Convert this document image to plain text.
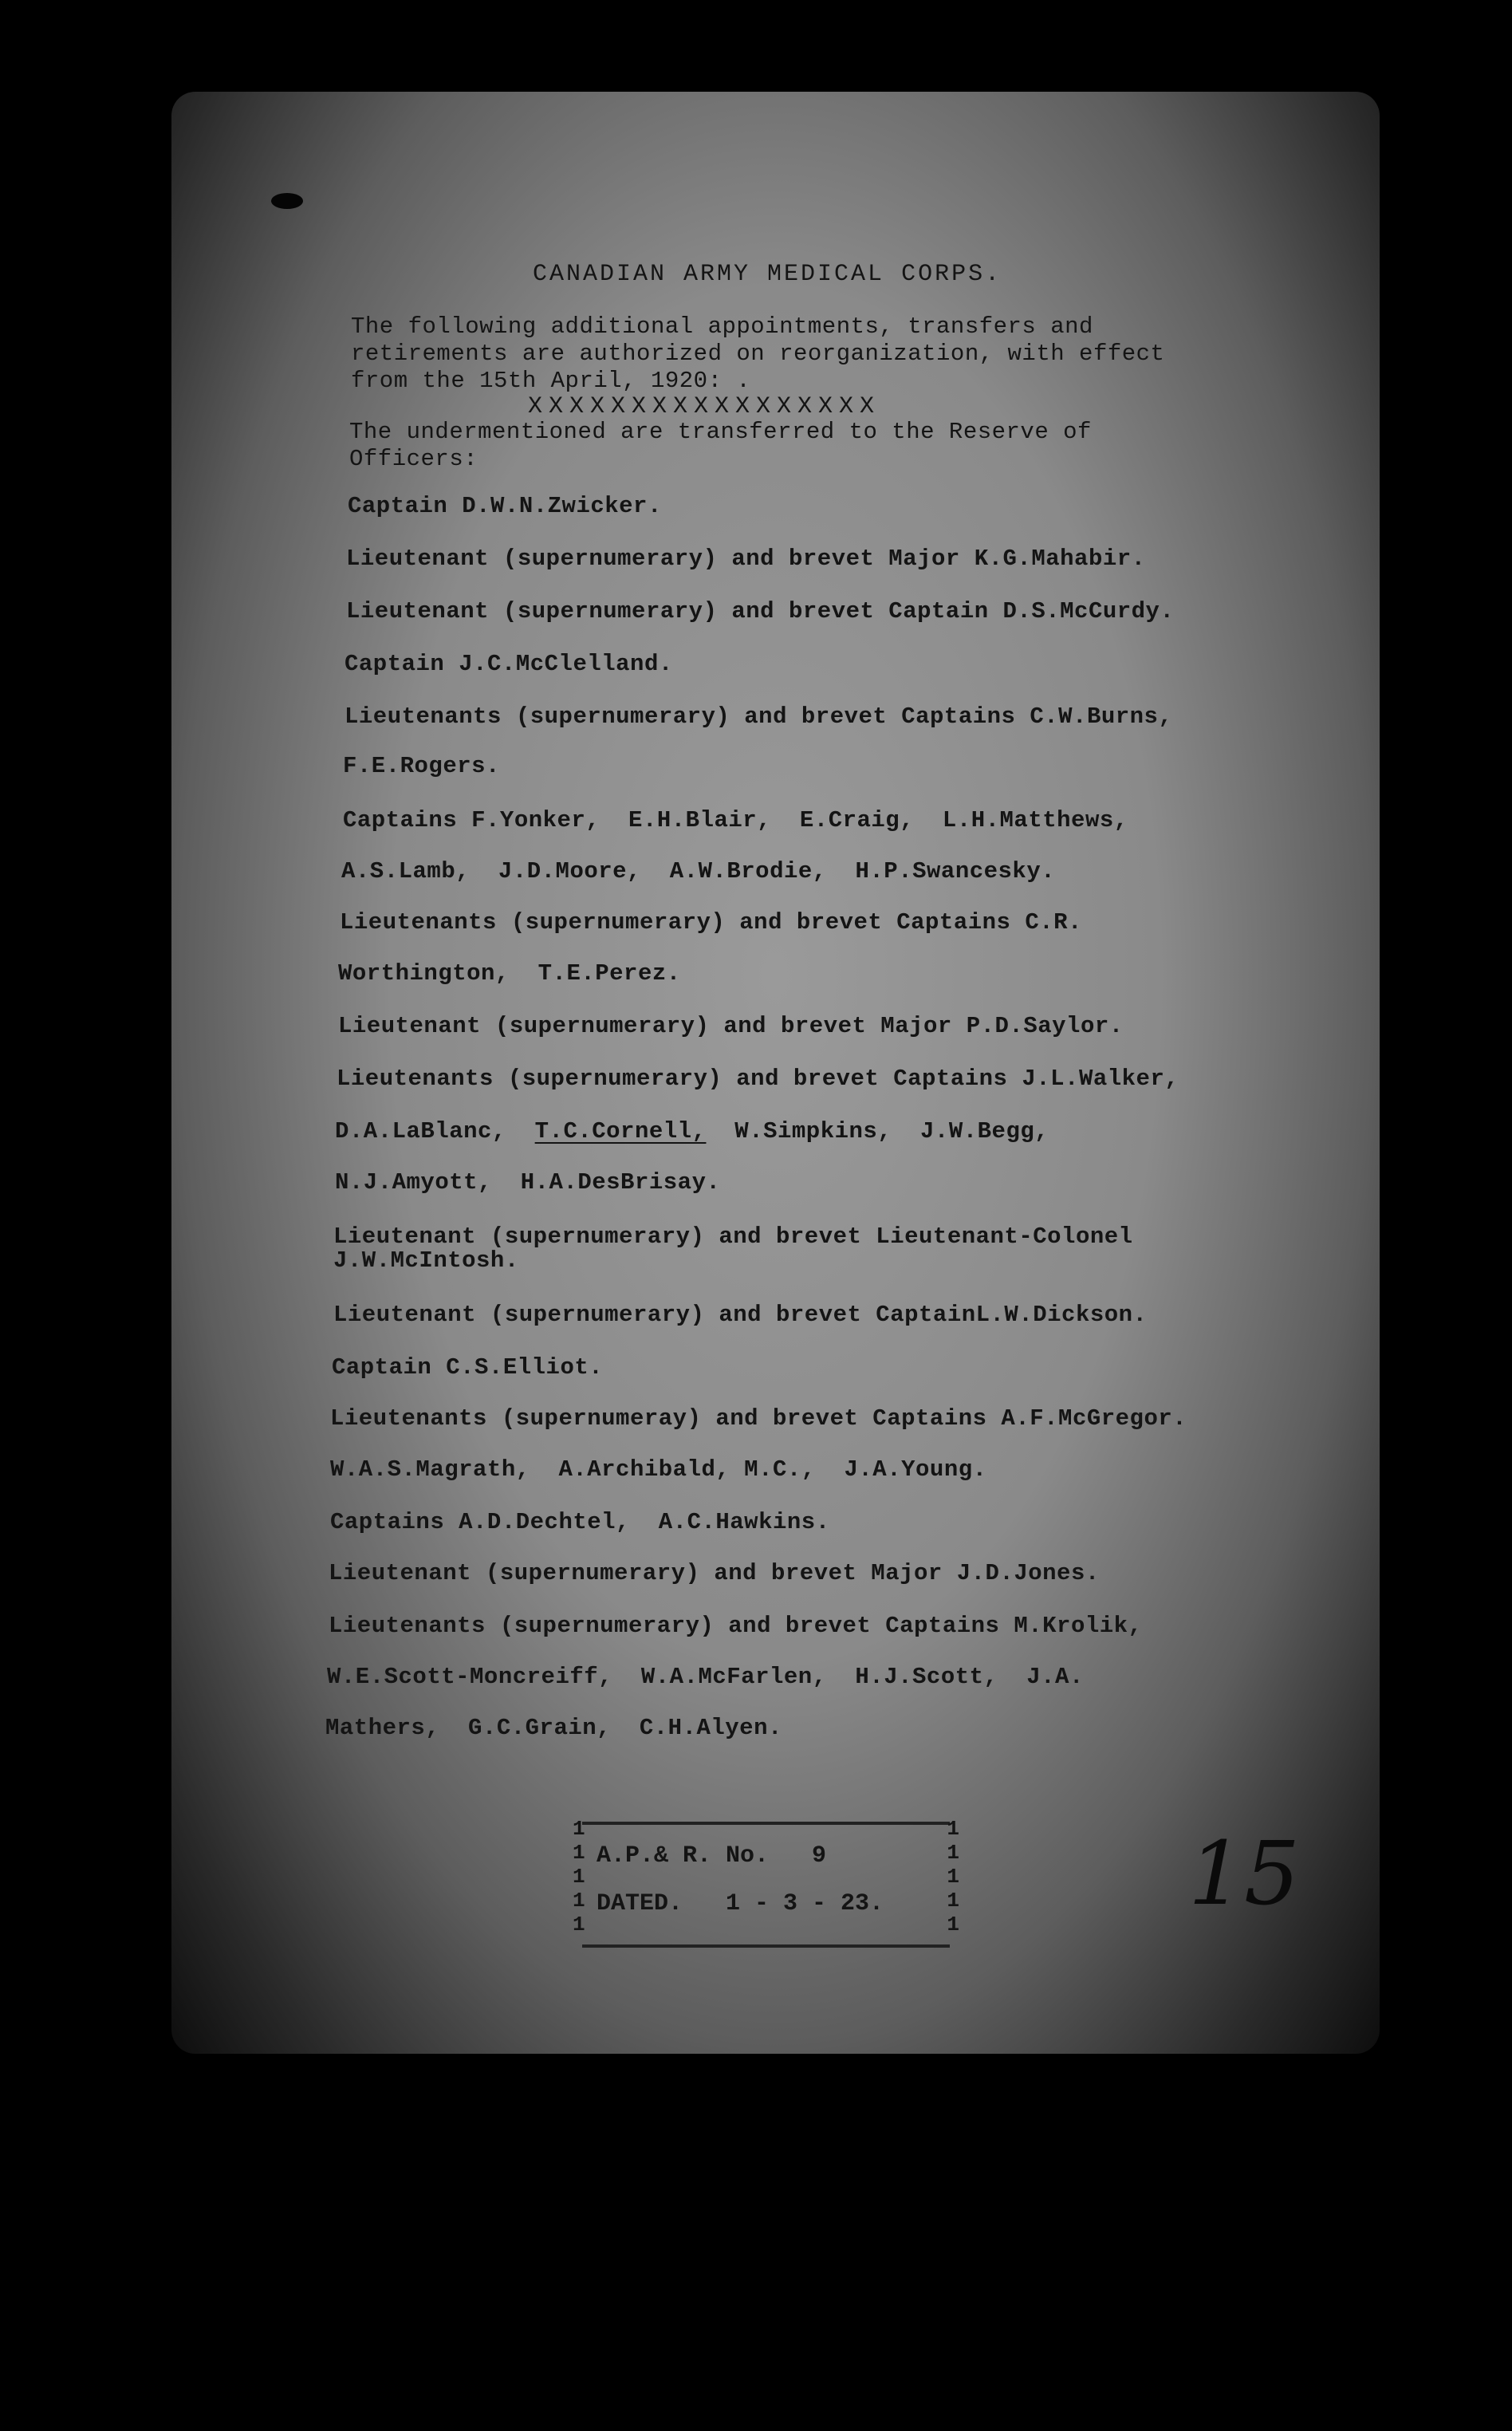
CANADIAN ARMY MEDICAL CORPS.
The following additional appointments, transfers and
retirements are authorized on reorganization, with effect
from the 15th April, 1920: .
XXXXXXXXXXXXXXXXX
The undermentioned are transferred to the Reserve of
Officers:
Captain D.W.N.Zwicker.
Lieutenant (supernumerary) and brevet Major K.G.Mahabir.
Lieutenant (supernumerary) and brevet Captain D.S.McCurdy.
Captain J.C.McClelland.
Lieutenants (supernumerary) and brevet Captains C.W.Burns,
F.E.Rogers.
Captains F.Yonker,  E.H.Blair,  E.Craig,  L.H.Matthews,
A.S.Lamb,  J.D.Moore,  A.W.Brodie,  H.P.Swancesky.
Lieutenants (supernumerary) and brevet Captains C.R.
Worthington,  T.E.Perez.
Lieutenant (supernumerary) and brevet Major P.D.Saylor.
Lieutenants (supernumerary) and brevet Captains J.L.Walker,
D.A.LaBlanc,  T.C.Cornell,  W.Simpkins,  J.W.Begg,
N.J.Amyott,  H.A.DesBrisay.
Lieutenant (supernumerary) and brevet Lieutenant-Colonel
J.W.McIntosh.
Lieutenant (supernumerary) and brevet CaptainL.W.Dickson.
Captain C.S.Elliot.
Lieutenants (supernumeray) and brevet Captains A.F.McGregor.
W.A.S.Magrath,  A.Archibald, M.C.,  J.A.Young.
Captains A.D.Dechtel,  A.C.Hawkins.
Lieutenant (supernumerary) and brevet Major J.D.Jones.
Lieutenants (supernumerary) and brevet Captains M.Krolik,
W.E.Scott-Moncreiff,  W.A.McFarlen,  H.J.Scott,  J.A.
Mathers,  G.C.Grain,  C.H.Alyen.
1
1
1
1
1
1
1
1
1
1
A.P.& R. No.   9
DATED.   1 - 3 - 23.	15
